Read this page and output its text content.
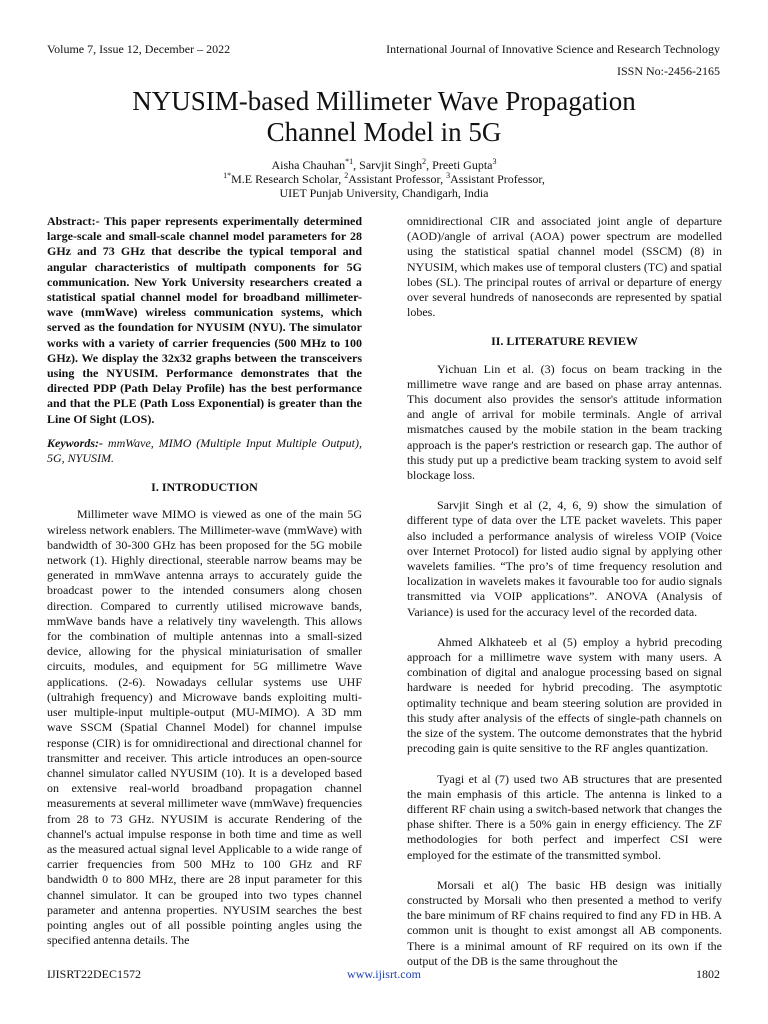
Volume 7, Issue 12, December – 2022	International Journal of Innovative Science and Research Technology
ISSN No:-2456-2165
NYUSIM-based Millimeter Wave Propagation
Channel Model in 5G
Aisha Chauhan$^{*1}$, Sarvjit Singh$^2$, Preeti Gupta$^3$
$^{1*}$M.E Research Scholar, $^2$Assistant Professor, $^3$Assistant Professor,
UIET Punjab University, Chandigarh, India

Abstract:- This paper represents experimentally determined large-scale and small-scale channel model parameters for 28 GHz and 73 GHz that describe the typical temporal and angular characteristics of multipath components for 5G communication. New York University researchers created a statistical spatial channel model for broadband millimeter-wave (mmWave) wireless communication systems, which served as the foundation for NYUSIM (NYU). The simulator works with a variety of carrier frequencies (500 MHz to 100 GHz). We display the 32x32 graphs between the transceivers using the NYUSIM. Performance demonstrates that the directed PDP (Path Delay Profile) has the best performance and that the PLE (Path Loss Exponential) is greater than the Line Of Sight (LOS).

Keywords:- mmWave, MIMO (Multiple Input Multiple Output), 5G, NYUSIM.

I. INTRODUCTION

Millimeter wave MIMO is viewed as one of the main 5G wireless network enablers. The Millimeter-wave (mmWave) with bandwidth of 30-300 GHz has been proposed for the 5G mobile network (1). Highly directional, steerable narrow beams may be generated in mmWave antenna arrays to accurately guide the broadcast power to the intended consumers along chosen direction. Compared to currently utilised microwave bands, mmWave bands have a relatively tiny wavelength. This allows for the combination of multiple antennas into a small-sized device, allowing for the physical miniaturisation of smaller circuits, modules, and equipment for 5G millimetre Wave applications. (2-6). Nowadays cellular systems use UHF (ultrahigh frequency) and Microwave bands exploiting multi-user multiple-input multiple-output (MU-MIMO). A 3D mm wave SSCM (Spatial Channel Model) for channel impulse response (CIR) is for omnidirectional and directional channel for transmitter and receiver. This article introduces an open-source channel simulator called NYUSIM (10). It is a developed based on extensive real-world broadband propagation channel measurements at several millimeter wave (mmWave) frequencies from 28 to 73 GHz. NYUSIM is accurate Rendering of the channel's actual impulse response in both time and time as well as the measured actual signal level Applicable to a wide range of carrier frequencies from 500 MHz to 100 GHz and RF bandwidth 0 to 800 MHz, there are 28 input parameter for this channel simulator. It can be grouped into two types channel parameter and antenna properties. NYUSIM searches the best pointing angles out of all possible pointing angles using the specified antenna details. The

omnidirectional CIR and associated joint angle of departure (AOD)/angle of arrival (AOA) power spectrum are modelled using the statistical spatial channel model (SSCM) (8) in NYUSIM, which makes use of temporal clusters (TC) and spatial lobes (SL). The principal routes of arrival or departure of energy over several hundreds of nanoseconds are represented by spatial lobes.

II. LITERATURE REVIEW

Yichuan Lin et al. (3) focus on beam tracking in the millimetre wave range and are based on phase array antennas. This document also provides the sensor's attitude information and angle of arrival for mobile terminals. Angle of arrival mismatches caused by the mobile station in the beam tracking approach is the paper's restriction or research gap. The author of this study put up a predictive beam tracking system to avoid self blockage loss.

Sarvjit Singh et al (2, 4, 6, 9) show the simulation of different type of data over the LTE packet wavelets. This paper also included a performance analysis of wireless VOIP (Voice over Internet Protocol) for listed audio signal by applying other wavelets families. “The pro’s of time frequency resolution and localization in wavelets makes it favourable too for audio signals transmitted via VOIP applications”. ANOVA (Analysis of Variance) is used for the accuracy level of the recorded data.

Ahmed Alkhateeb et al (5) employ a hybrid precoding approach for a millimetre wave system with many users. A combination of digital and analogue processing based on signal hardware is needed for hybrid precoding. The asymptotic optimality technique and beam steering solution are provided in this study after analysis of the effects of single-path channels on the size of the system. The outcome demonstrates that the hybrid precoding gain is quite sensitive to the RF angles quantization.

Tyagi et al (7) used two AB structures that are presented the main emphasis of this article. The antenna is linked to a different RF chain using a switch-based network that changes the phase shifter. There is a 50% gain in energy efficiency. The ZF methodologies for both perfect and imperfect CSI were employed for the estimate of the transmitted symbol.

Morsali et al() The basic HB design was initially constructed by Morsali who then presented a method to verify the bare minimum of RF chains required to find any FD in HB. A common unit is thought to exist amongst all AB components. There is a minimal amount of RF required on its own if the output of the DB is the same throughout the

IJISRT22DEC1572	www.ijisrt.com	1802
